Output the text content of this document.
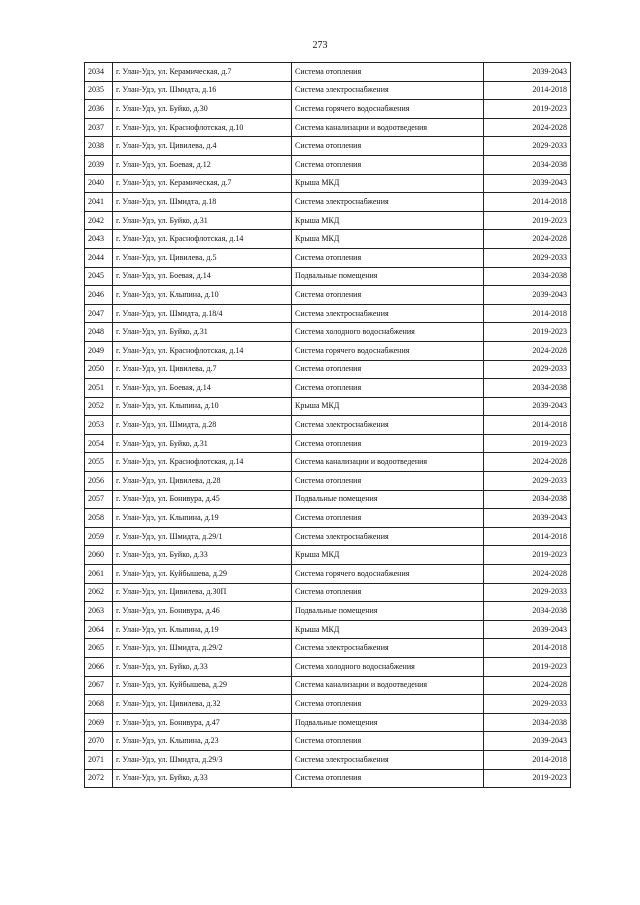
273
2034	г. Улан-Удэ, ул. Керамическая, д.7	Система отопления	2039-2043
2035	г. Улан-Удэ, ул. Шмидта, д.16	Система электроснабжения	2014-2018
2036	г. Улан-Удэ, ул. Буйко, д.30	Система горячего водоснабжения	2019-2023
2037	г. Улан-Удэ, ул. Краснофлотская, д.10	Система канализации и водоотведения	2024-2028
2038	г. Улан-Удэ, ул. Цивилева, д.4	Система отопления	2029-2033
2039	г. Улан-Удэ, ул. Боевая, д.12	Система отопления	2034-2038
2040	г. Улан-Удэ, ул. Керамическая, д.7	Крыша МКД	2039-2043
2041	г. Улан-Удэ, ул. Шмидта, д.18	Система электроснабжения	2014-2018
2042	г. Улан-Удэ, ул. Буйко, д.31	Крыша МКД	2019-2023
2043	г. Улан-Удэ, ул. Краснофлотская, д.14	Крыша МКД	2024-2028
2044	г. Улан-Удэ, ул. Цивилева, д.5	Система отопления	2029-2033
2045	г. Улан-Удэ, ул. Боевая, д.14	Подвальные помещения	2034-2038
2046	г. Улан-Удэ, ул. Клыпина, д.10	Система отопления	2039-2043
2047	г. Улан-Удэ, ул. Шмидта, д.18/4	Система электроснабжения	2014-2018
2048	г. Улан-Удэ, ул. Буйко, д.31	Система холодного водоснабжения	2019-2023
2049	г. Улан-Удэ, ул. Краснофлотская, д.14	Система горячего водоснабжения	2024-2028
2050	г. Улан-Удэ, ул. Цивилева, д.7	Система отопления	2029-2033
2051	г. Улан-Удэ, ул. Боевая, д.14	Система отопления	2034-2038
2052	г. Улан-Удэ, ул. Клыпина, д.10	Крыша МКД	2039-2043
2053	г. Улан-Удэ, ул. Шмидта, д.28	Система электроснабжения	2014-2018
2054	г. Улан-Удэ, ул. Буйко, д.31	Система отопления	2019-2023
2055	г. Улан-Удэ, ул. Краснофлотская, д.14	Система канализации и водоотведения	2024-2028
2056	г. Улан-Удэ, ул. Цивилева, д.28	Система отопления	2029-2033
2057	г. Улан-Удэ, ул. Бонивура, д.45	Подвальные помещения	2034-2038
2058	г. Улан-Удэ, ул. Клыпина, д.19	Система отопления	2039-2043
2059	г. Улан-Удэ, ул. Шмидта, д.29/1	Система электроснабжения	2014-2018
2060	г. Улан-Удэ, ул. Буйко, д.33	Крыша МКД	2019-2023
2061	г. Улан-Удэ, ул. Куйбышева, д.29	Система горячего водоснабжения	2024-2028
2062	г. Улан-Удэ, ул. Цивилева, д.30П	Система отопления	2029-2033
2063	г. Улан-Удэ, ул. Бонивура, д.46	Подвальные помещения	2034-2038
2064	г. Улан-Удэ, ул. Клыпина, д.19	Крыша МКД	2039-2043
2065	г. Улан-Удэ, ул. Шмидта, д.29/2	Система электроснабжения	2014-2018
2066	г. Улан-Удэ, ул. Буйко, д.33	Система холодного водоснабжения	2019-2023
2067	г. Улан-Удэ, ул. Куйбышева, д.29	Система канализации и водоотведения	2024-2028
2068	г. Улан-Удэ, ул. Цивилева, д.32	Система отопления	2029-2033
2069	г. Улан-Удэ, ул. Бонивура, д.47	Подвальные помещения	2034-2038
2070	г. Улан-Удэ, ул. Клыпина, д.23	Система отопления	2039-2043
2071	г. Улан-Удэ, ул. Шмидта, д.29/3	Система электроснабжения	2014-2018
2072	г. Улан-Удэ, ул. Буйко, д.33	Система отопления	2019-2023
